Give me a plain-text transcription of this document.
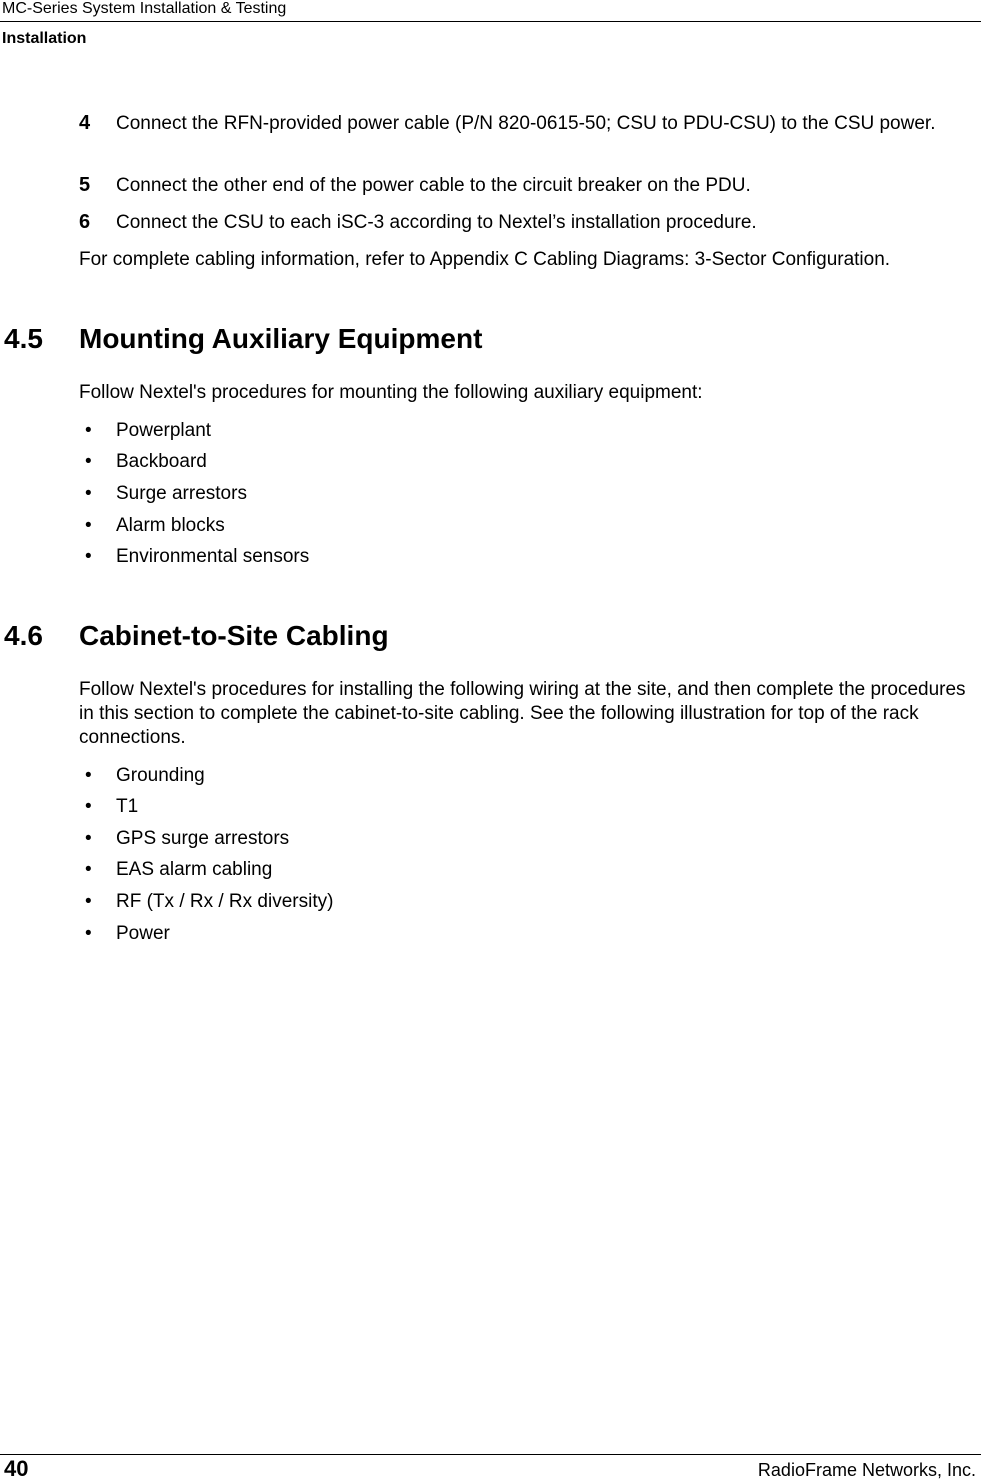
MC-Series System Installation & Testing
Installation
4 Connect the RFN-provided power cable (P/N 820-0615-50; CSU to PDU-CSU) to the CSU power.
5 Connect the other end of the power cable to the circuit breaker on the PDU.
6 Connect the CSU to each iSC-3 according to Nextel’s installation procedure.
For complete cabling information, refer to Appendix C Cabling Diagrams: 3-Sector Configuration.
4.5 Mounting Auxiliary Equipment
Follow Nextel's procedures for mounting the following auxiliary equipment:
• Powerplant
• Backboard
• Surge arrestors
• Alarm blocks
• Environmental sensors
4.6 Cabinet-to-Site Cabling
Follow Nextel's procedures for installing the following wiring at the site, and then complete the procedures in this section to complete the cabinet-to-site cabling. See the following illustration for top of the rack connections.
• Grounding
• T1
• GPS surge arrestors
• EAS alarm cabling
• RF (Tx / Rx / Rx diversity)
• Power
40	RadioFrame Networks, Inc.
